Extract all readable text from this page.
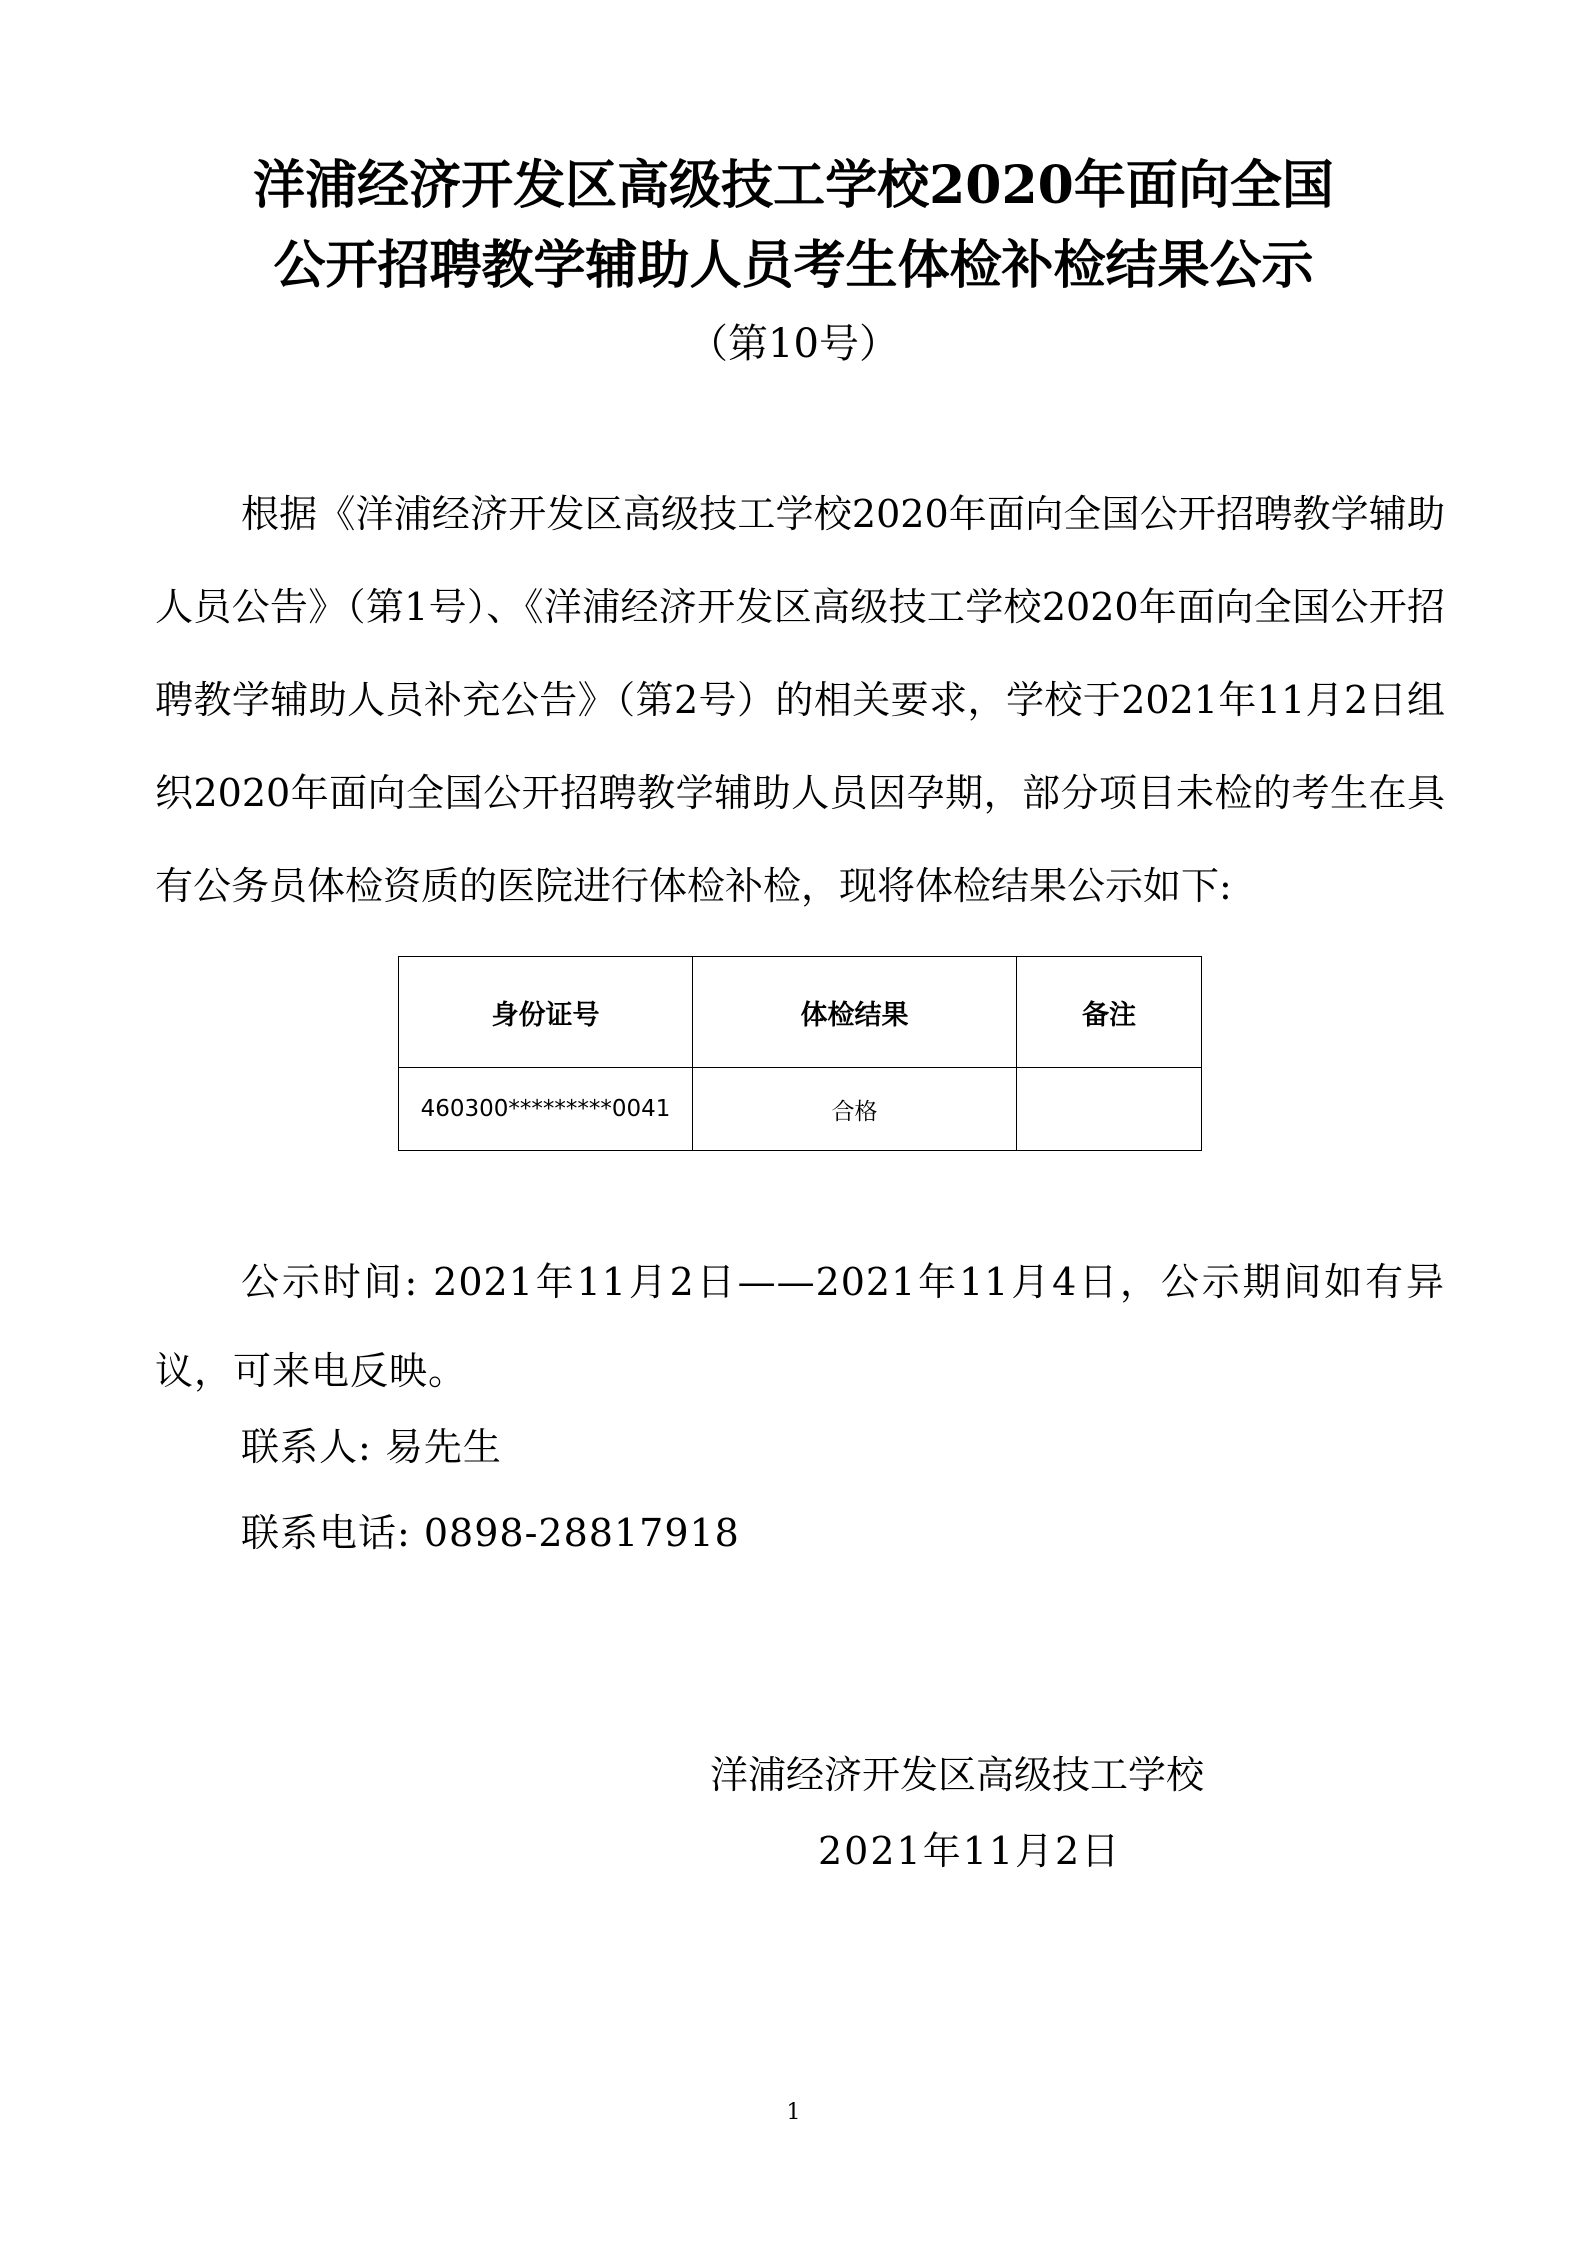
洋浦经济开发区高级技工学校2020年面向全国
公开招聘教学辅助人员考生体检补检结果公示
（第10号）

根据《洋浦经济开发区高级技工学校2020年面向全国公开招聘教学辅助人员公告》（第1号）、《洋浦经济开发区高级技工学校2020年面向全国公开招聘教学辅助人员补充公告》（第2号）的相关要求，学校于2021年11月2日组织2020年面向全国公开招聘教学辅助人员因孕期，部分项目未检的考生在具有公务员体检资质的医院进行体检补检，现将体检结果公示如下:

身份证号	体检结果	备注
460300*********0041	合格	

公示时间: 2021年11月2日——2021年11月4日，公示期间如有异议，可来电反映。

联系人: 易先生
联系电话: 0898-28817918
洋浦经济开发区高级技工学校
2021年11月2日
1
